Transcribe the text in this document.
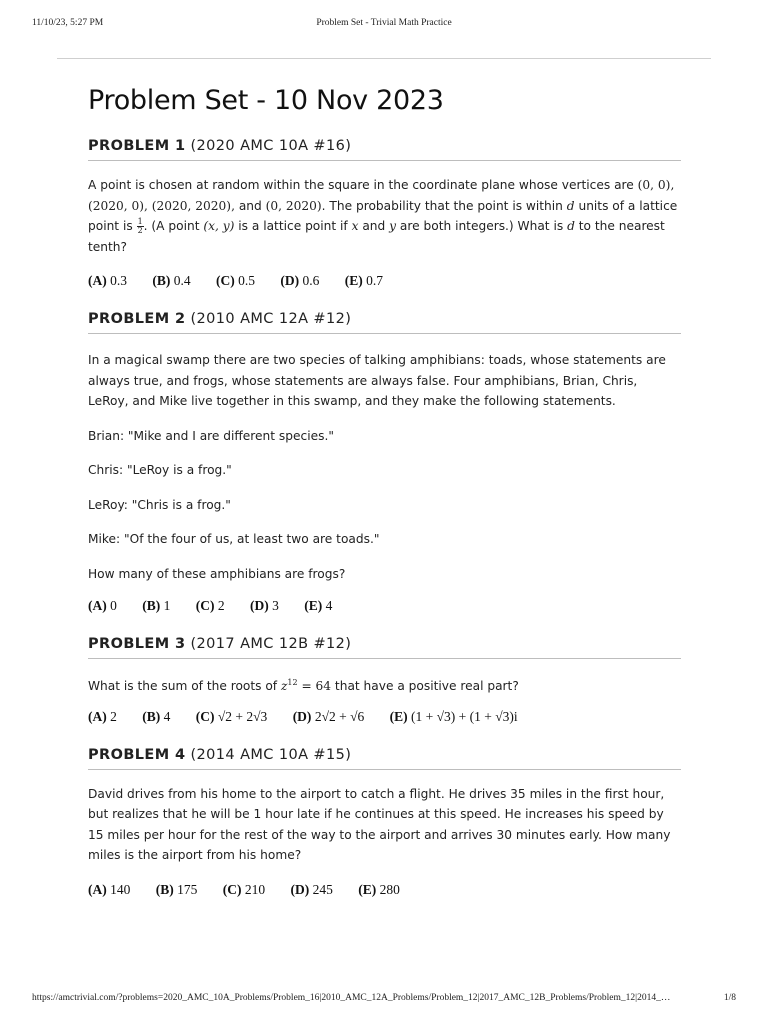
11/10/23, 5:27 PM	Problem Set - Trivial Math Practice
Problem Set - 10 Nov 2023
PROBLEM 1 (2020 AMC 10A #16)

A point is chosen at random within the square in the coordinate plane whose vertices are (0, 0), (2020, 0), (2020, 2020), and (0, 2020). The probability that the point is within d units of a lattice point is $\frac{1}{2}$ . (A point (x, y) is a lattice point if x and y are both integers.) What is d to the nearest tenth?

(A) 0.3 (B) 0.4 (C) 0.5 (D) 0.6 (E) 0.7
PROBLEM 2 (2010 AMC 12A #12)

In a magical swamp there are two species of talking amphibians: toads, whose statements are always true, and frogs, whose statements are always false. Four amphibians, Brian, Chris, LeRoy, and Mike live together in this swamp, and they make the following statements.

Brian: "Mike and I are different species."

Chris: "LeRoy is a frog."

LeRoy: "Chris is a frog."

Mike: "Of the four of us, at least two are toads."

How many of these amphibians are frogs?

(A) 0 (B) 1 (C) 2 (D) 3 (E) 4
PROBLEM 3 (2017 AMC 12B #12)

What is the sum of the roots of $z^{12} = 64$ that have a positive real part?

(A) 2 (B) 4 (C) √2 + 2√3 (D) 2√2 + √6 (E) (1 + √3) + (1 + √3)i
PROBLEM 4 (2014 AMC 10A #15)

David drives from his home to the airport to catch a flight. He drives 35 miles in the first hour, but realizes that he will be 1 hour late if he continues at this speed. He increases his speed by 15 miles per hour for the rest of the way to the airport and arrives 30 minutes early. How many miles is the airport from his home?

(A) 140 (B) 175 (C) 210 (D) 245 (E) 280
https://amctrivial.com/?problems=2020_AMC_10A_Problems/Problem_16|2010_AMC_12A_Problems/Problem_12|2017_AMC_12B_Problems/Problem_12|2014_…	1/8
